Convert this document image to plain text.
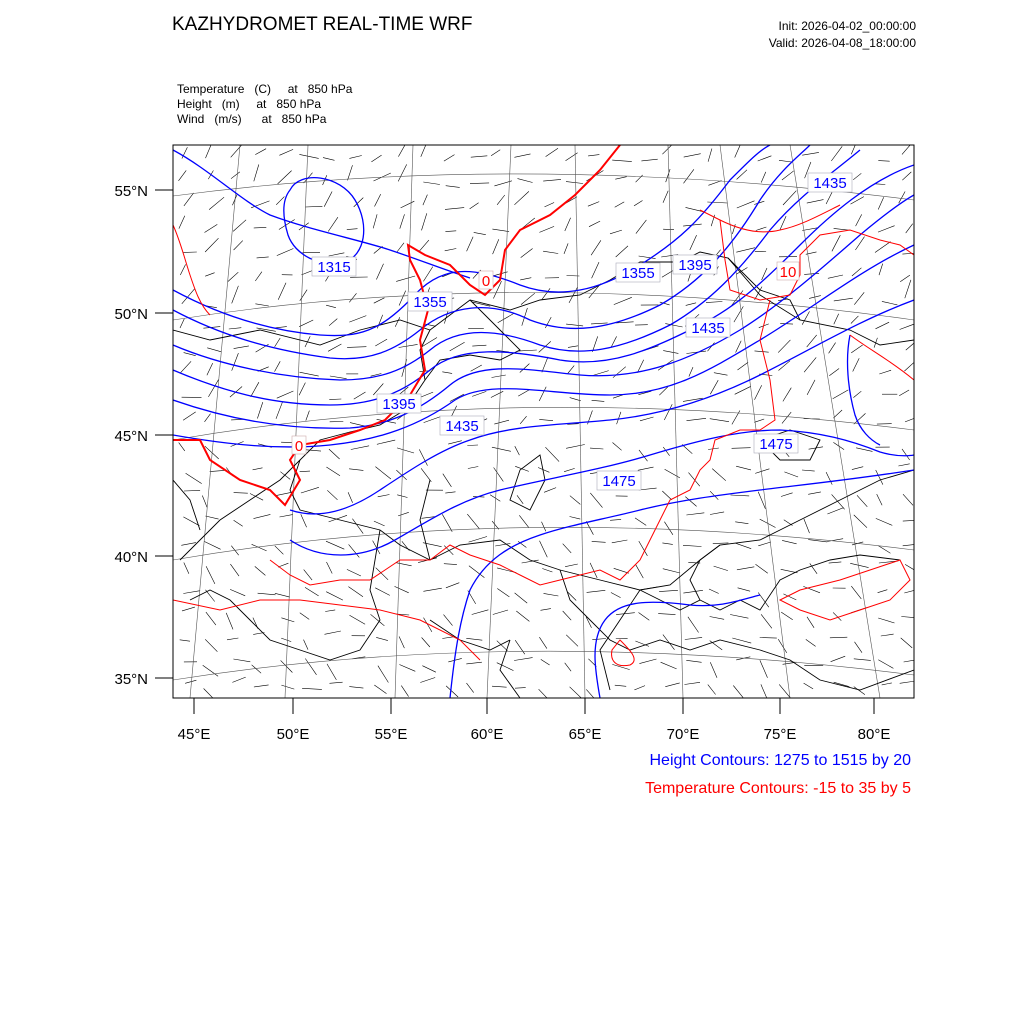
KAZHYDROMET REAL-TIME WRF	Init: 2026-04-02_00:00:00
Valid: 2026-04-08_18:00:00
Temperature   (C)     at   850 hPa
Height   (m)     at   850 hPa
Wind   (m/s)      at   850 hPa
55°N
50°N
45°N
40°N
35°N
45°E	50°E	55°E	60°E	65°E	70°E	75°E	80°E
1315
1355
1395
1435
1355 1395
1435
1475
1435
1475
0
0
10
Height Contours: 1275 to 1515 by 20
Temperature Contours: -15 to 35 by 5
